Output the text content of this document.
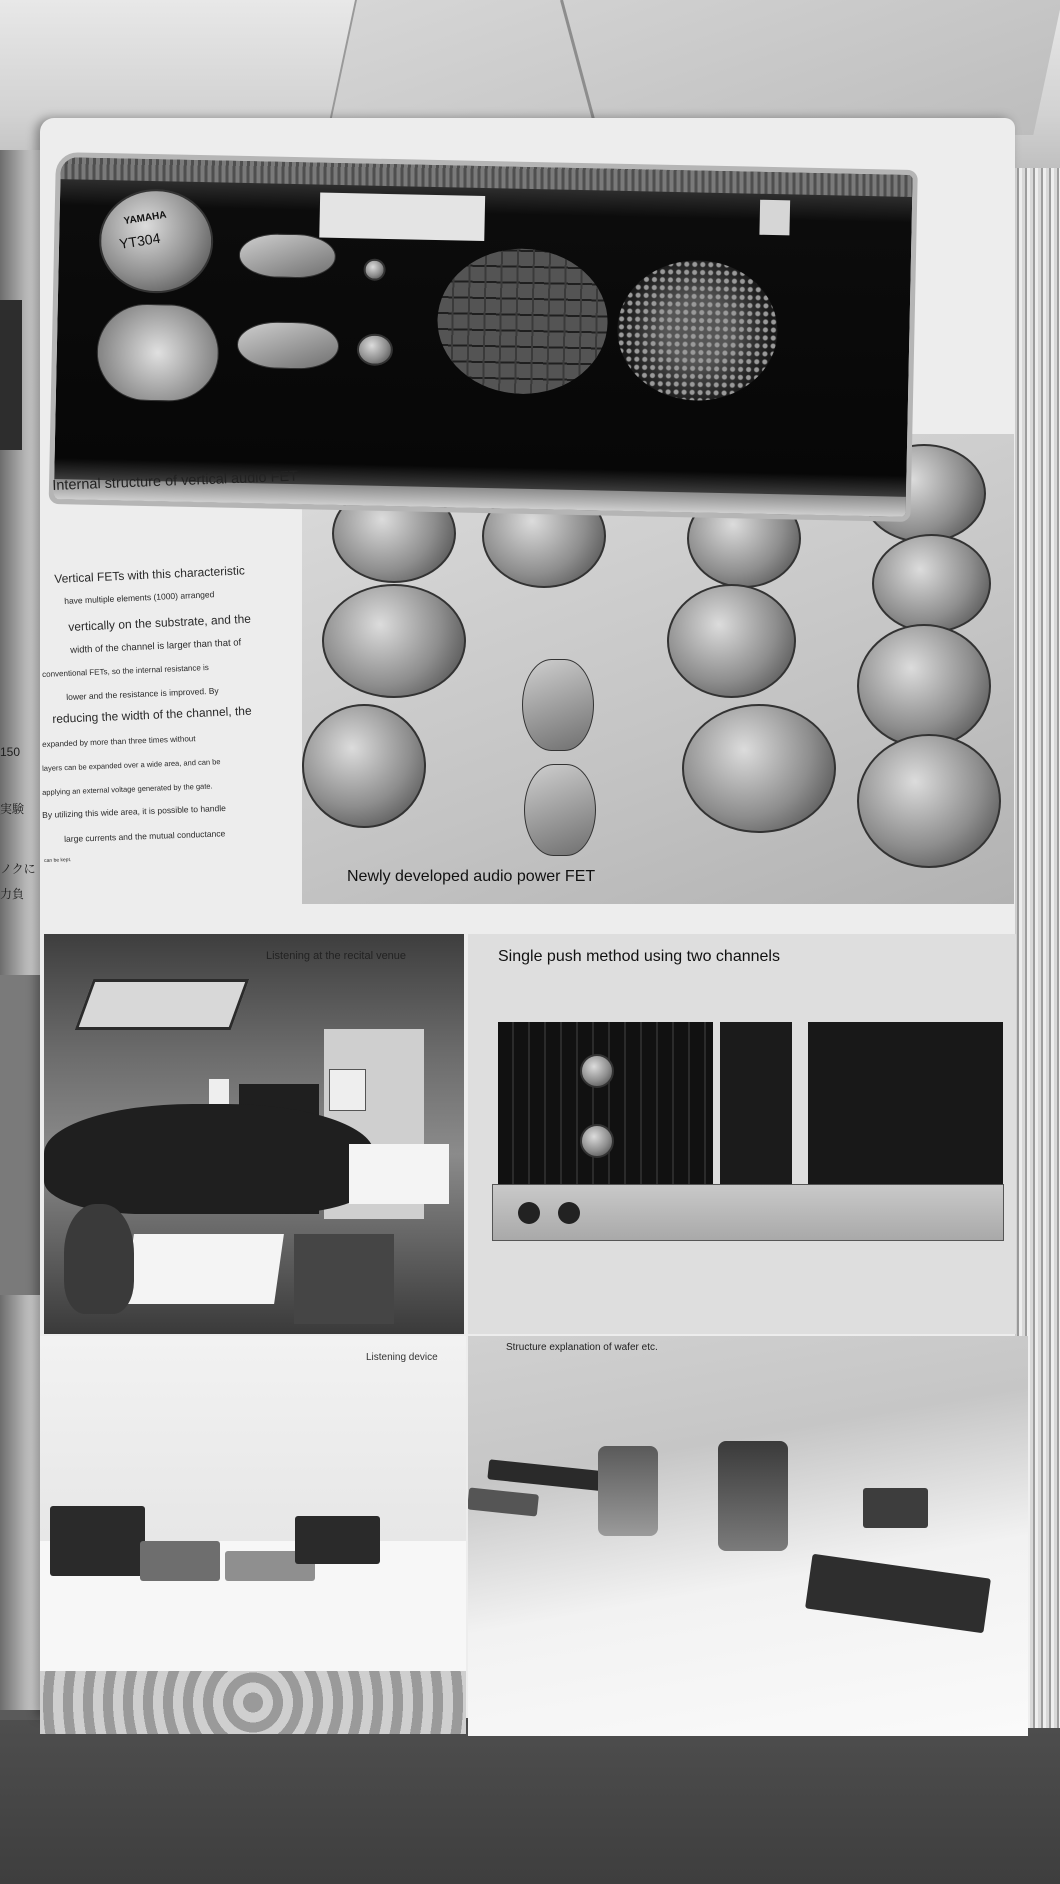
150
実験
ノクに
力負
Newly developed audio power FET
YAMAHA
YT304
Internal structure of vertical audio FET
Vertical FETs with this characteristic
have multiple elements (1000) arranged
vertically on the substrate, and the
width of the channel is larger than that of
conventional FETs, so the internal resistance is
lower and the resistance is improved. By
reducing the width of the channel, the
expanded by more than three times without
layers can be expanded over a wide area, and can be
applying an external voltage generated by the gate.
By utilizing this wide area, it is possible to handle
large currents and the mutual conductance
can be kept.
Listening at the recital venue	Single push method using two channels
Listening device
Structure explanation of wafer etc.
